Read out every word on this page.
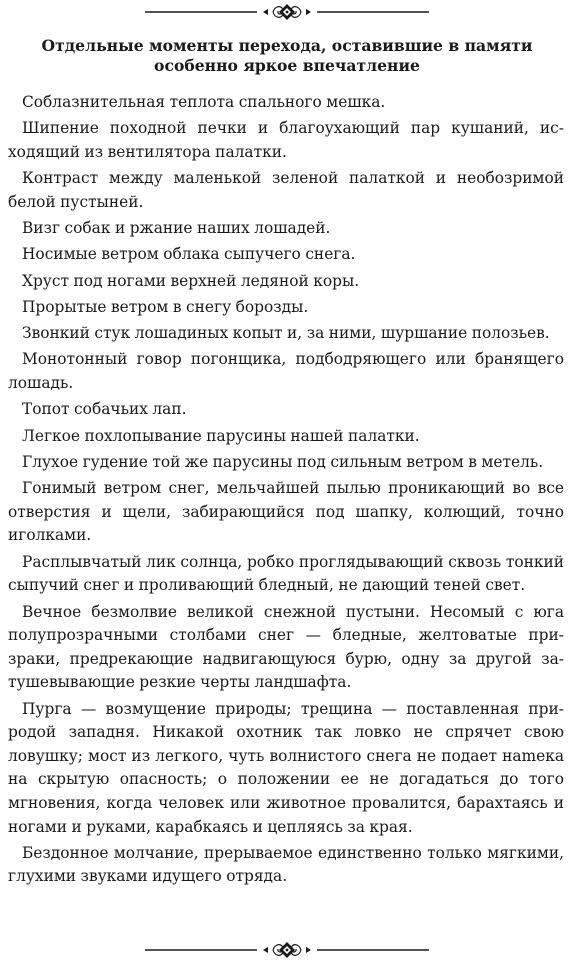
Отдельные моменты перехода, оставившие в памяти
особенно яркое впечатление

Соблазнительная теплота спального мешка.

Шипение походной печки и благоухающий пар кушаний, исходящий из вентилятора палатки.

Контраст между маленькой зеленой палаткой и необозримой белой пустыней.

Визг собак и ржание наших лошадей.

Носимые ветром облака сыпучего снега.

Хруст под ногами верхней ледяной коры.

Прорытые ветром в снегу борозды.

Звонкий стук лошадиных копыт и, за ними, шуршание полозьев.

Монотонный говор погонщика, подбодряющего или бранящего лошадь.

Топот собачьих лап.

Легкое похлопывание парусины нашей палатки.

Глухое гудение той же парусины под сильным ветром в метель.

Гонимый ветром снег, мельчайшей пылью проникающий во все отверстия и щели, забирающийся под шапку, колющий, точно иголками.

Расплывчатый лик солнца, робко проглядывающий сквозь тонкий сыпучий снег и проливающий бледный, не дающий теней свет.

Вечное безмолвие великой снежной пустыни. Несомый с юга полупрозрачными столбами снег — бледные, желтоватые призраки, предрекающие надвигающуюся бурю, одну за другой затушевывающие резкие черты ландшафта.

Пурга — возмущение природы; трещина — поставленная природой западня. Никакой охотник так ловко не спрячет свою ловушку; мост из легкого, чуть волнистого снега не подает наmека на скрытую опасность; о положении ее не догадаться до того мгновения, когда человек или животное провалится, барахтаясь и ногами и руками, карабкаясь и цепляясь за края.

Бездонное молчание, прерываемое единственно только мягкими, глухими звуками идущего отряда.
